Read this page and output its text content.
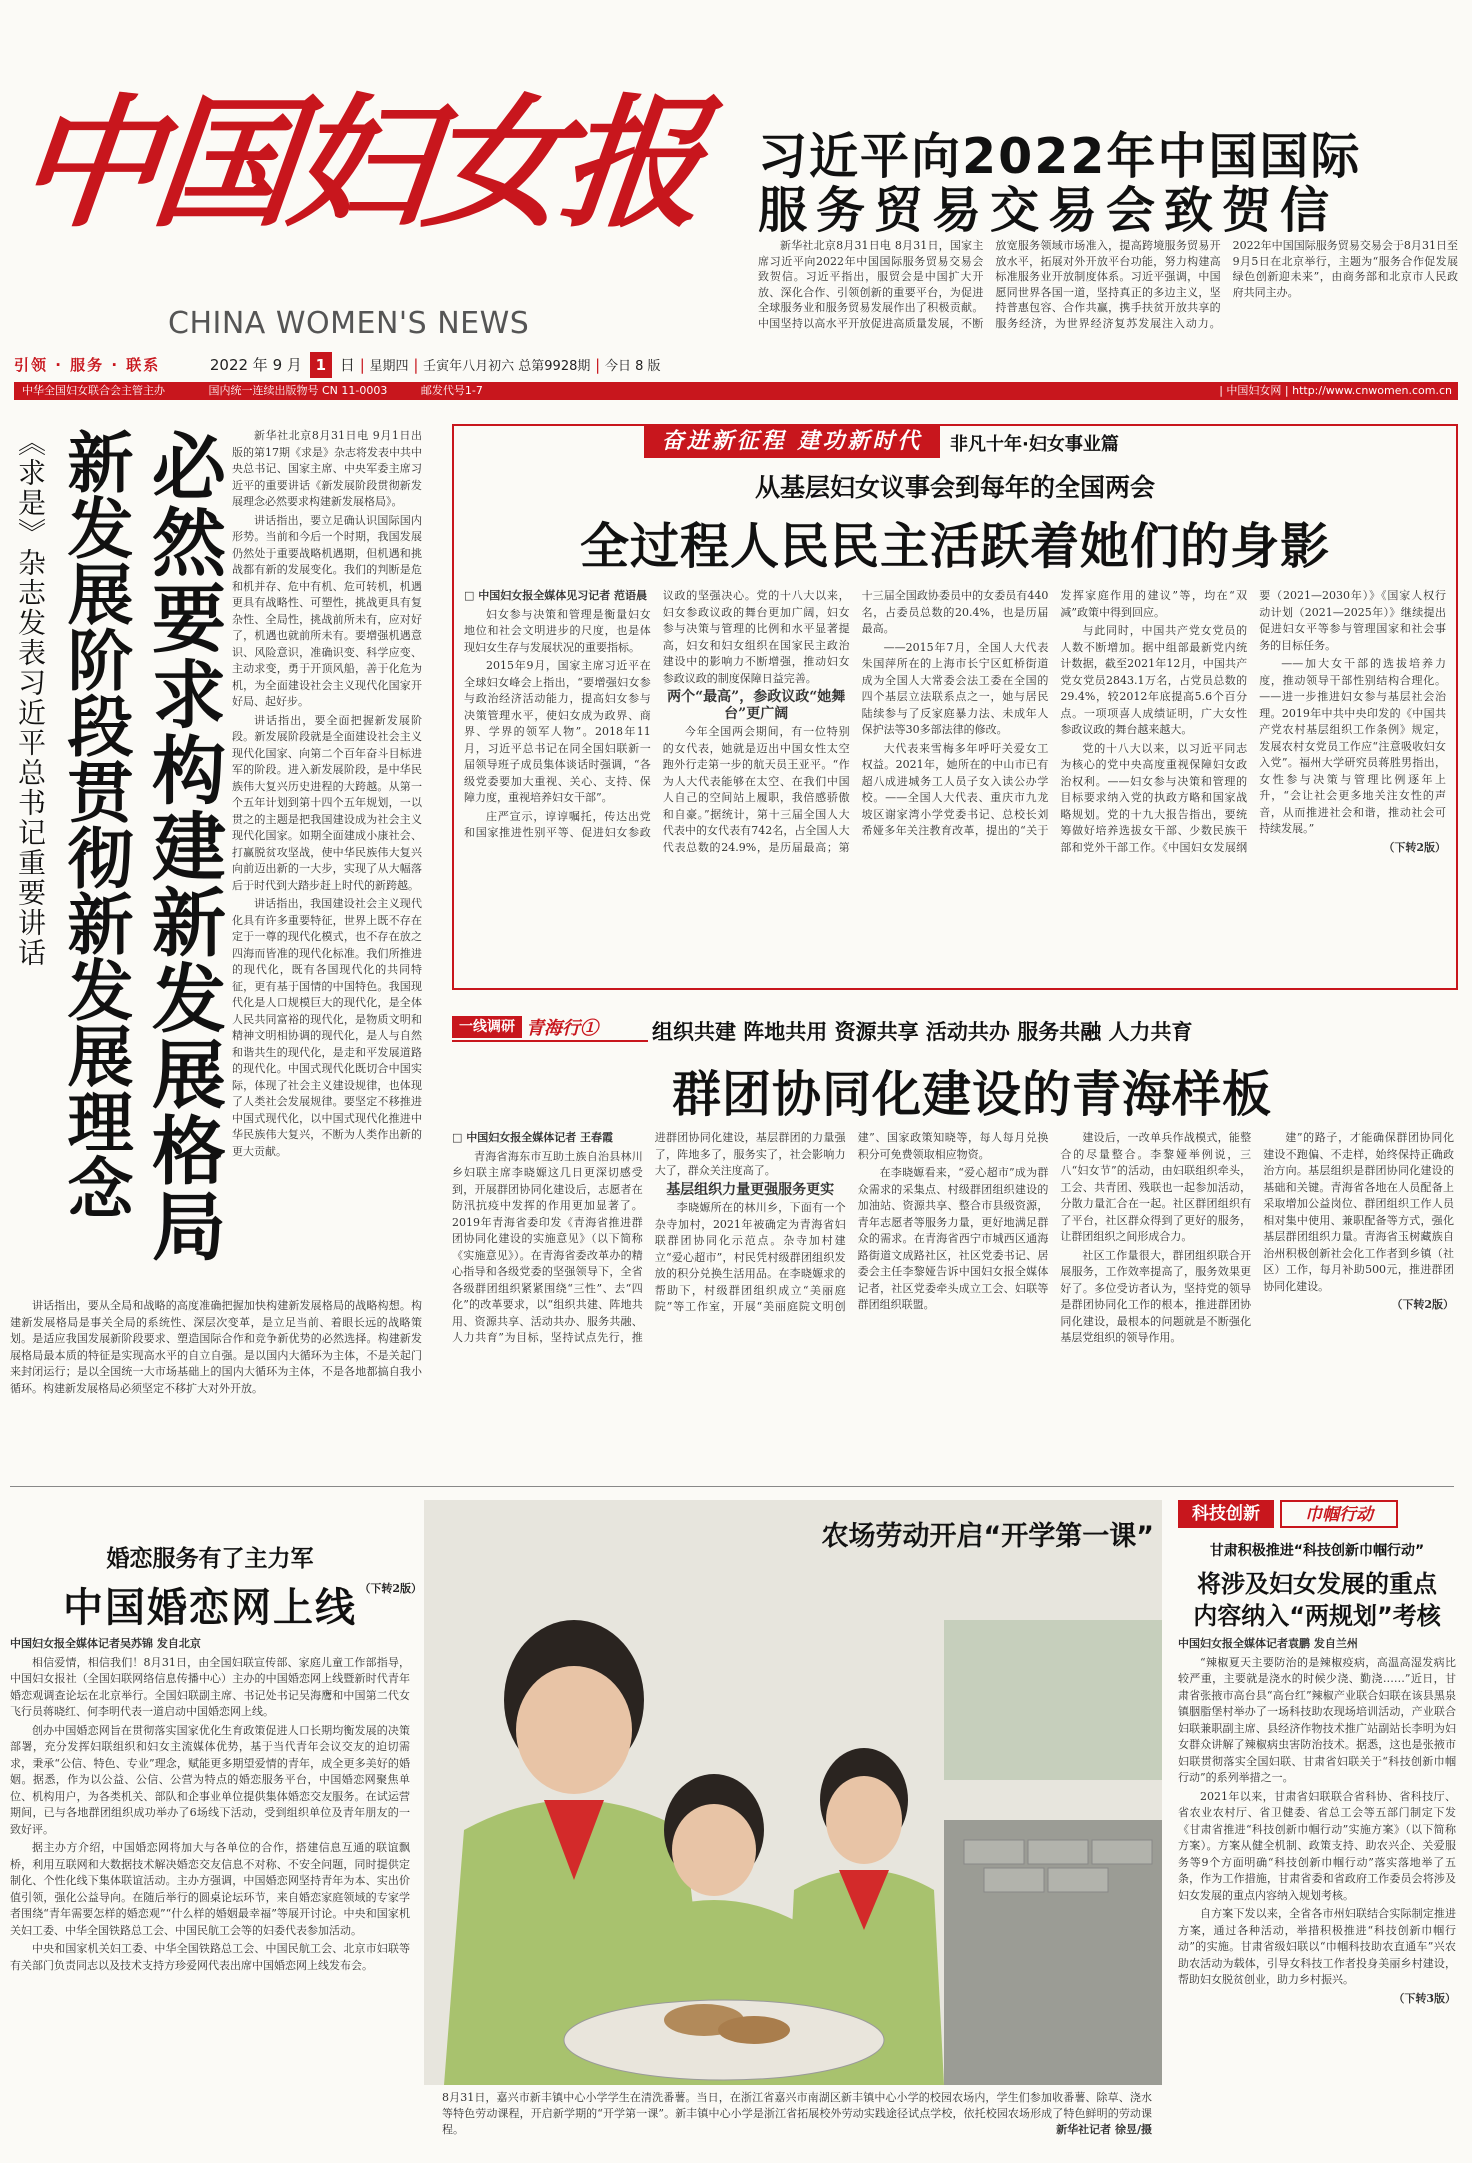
中国妇女报
CHINA WOMEN'S NEWS
习近平向2022年中国国际
服务贸易交易会致贺信

新华社北京8月31日电 8月31日，国家主席习近平向2022年中国国际服务贸易交易会致贺信。习近平指出，服贸会是中国扩大开放、深化合作、引领创新的重要平台，为促进全球服务业和服务贸易发展作出了积极贡献。中国坚持以高水平开放促进高质量发展，不断放宽服务领域市场准入，提高跨境服务贸易开放水平，拓展对外开放平台功能，努力构建高标准服务业开放制度体系。习近平强调，中国愿同世界各国一道，坚持真正的多边主义，坚持普惠包容、合作共赢，携手扶贫开放共享的服务经济，为世界经济复苏发展注入动力。2022年中国国际服务贸易交易会于8月31日至9月5日在北京举行，主题为“服务合作促发展 绿色创新迎未来”，由商务部和北京市人民政府共同主办。

引领 · 服务 · 联系	2022 年 9 月 1 日 | 星期四 | 壬寅年八月初六 总第9928期 | 今日 8 版
中华全国妇女联合会主管主办	国内统一连续出版物号 CN 11-0003	邮发代号1-7	| 中国妇女网 | http://www.cnwomen.com.cn
《求是》杂志发表习近平总书记重要讲话 新发展阶段贯彻新发展理念 必然要求构建新发展格局	新华社北京8月31日电 9月1日出版的第17期《求是》杂志将发表中共中央总书记、国家主席、中央军委主席习近平的重要讲话《新发展阶段贯彻新发展理念必然要求构建新发展格局》。

讲话指出，要立足确认识国际国内形势。当前和今后一个时期，我国发展仍然处于重要战略机遇期，但机遇和挑战都有新的发展变化。我们的判断是危和机并存、危中有机、危可转机，机遇更具有战略性、可塑性，挑战更具有复杂性、全局性，挑战前所未有，应对好了，机遇也就前所未有。要增强机遇意识、风险意识，准确识变、科学应变、主动求变，勇于开顶风船，善于化危为机，为全面建设社会主义现代化国家开好局、起好步。

讲话指出，要全面把握新发展阶段。新发展阶段就是全面建设社会主义现代化国家、向第二个百年奋斗目标进军的阶段。进入新发展阶段，是中华民族伟大复兴历史进程的大跨越。从第一个五年计划到第十四个五年规划，一以贯之的主题是把我国建设成为社会主义现代化国家。如期全面建成小康社会、打赢脱贫攻坚战，使中华民族伟大复兴向前迈出新的一大步，实现了从大幅落后于时代到大踏步赶上时代的新跨越。

讲话指出，我国建设社会主义现代化具有许多重要特征，世界上既不存在定于一尊的现代化模式，也不存在放之四海而皆准的现代化标准。我们所推进的现代化，既有各国现代化的共同特征，更有基于国情的中国特色。我国现代化是人口规模巨大的现代化，是全体人民共同富裕的现代化，是物质文明和精神文明相协调的现代化，是人与自然和谐共生的现代化，是走和平发展道路的现代化。中国式现代化既切合中国实际，体现了社会主义建设规律，也体现了人类社会发展规律。要坚定不移推进中国式现代化，以中国式现代化推进中华民族伟大复兴，不断为人类作出新的更大贡献。

讲话指出，要从全局和战略的高度准确把握加快构建新发展格局的战略构想。构建新发展格局是事关全局的系统性、深层次变革，是立足当前、着眼长远的战略策划。是适应我国发展新阶段要求、塑造国际合作和竞争新优势的必然选择。构建新发展格局最本质的特征是实现高水平的自立自强。是以国内大循环为主体，不是关起门来封闭运行；是以全国统一大市场基础上的国内大循环为主体，不是各地都搞自我小循环。构建新发展格局必须坚定不移扩大对外开放。

（下转2版）
奋进新征程 建功新时代	非凡十年·妇女事业篇
从基层妇女议事会到每年的全国两会
全过程人民民主活跃着她们的身影

□ 中国妇女报全媒体见习记者 范语晨

妇女参与决策和管理是衡量妇女地位和社会文明进步的尺度，也是体现妇女生存与发展状况的重要指标。

2015年9月，国家主席习近平在全球妇女峰会上指出，“要增强妇女参与政治经济活动能力，提高妇女参与决策管理水平，使妇女成为政界、商界、学界的领军人物”。2018年11月，习近平总书记在同全国妇联新一届领导班子成员集体谈话时强调，“各级党委要加大重视、关心、支持、保障力度，重视培养妇女干部”。

庄严宣示，谆谆嘱托，传达出党和国家推进性别平等、促进妇女参政议政的坚强决心。党的十八大以来，妇女参政议政的舞台更加广阔，妇女参与决策与管理的比例和水平显著提高，妇女和妇女组织在国家民主政治建设中的影响力不断增强，推动妇女参政议政的制度保障日益完善。

两个“最高”，参政议政“她舞台”更广阔

今年全国两会期间，有一位特别的女代表，她就是迈出中国女性太空跑外行走第一步的航天员王亚平。“作为人大代表能够在太空、在我们中国人自己的空间站上履职，我倍感骄傲和自豪。”据统计，第十三届全国人大代表中的女代表有742名，占全国人大代表总数的24.9%，是历届最高；第十三届全国政协委员中的女委员有440名，占委员总数的20.4%，也是历届最高。

——2015年7月，全国人大代表朱国萍所在的上海市长宁区虹桥街道成为全国人大常委会法工委在全国的四个基层立法联系点之一，她与居民陆续参与了反家庭暴力法、未成年人保护法等30多部法律的修改。

大代表来雪梅多年呼吁关爱女工权益。2021年，她所在的中山市已有超八成进城务工人员子女入读公办学校。——全国人大代表、重庆市九龙坡区谢家湾小学党委书记、总校长刘希娅多年关注教育改革，提出的“关于发挥家庭作用的建议”等，均在“双减”政策中得到回应。

与此同时，中国共产党女党员的人数不断增加。据中组部最新党内统计数据，截至2021年12月，中国共产党女党员2843.1万名，占党员总数的29.4%，较2012年底提高5.6个百分点。一项项喜人成绩证明，广大女性参政议政的舞台越来越大。

党的十八大以来，以习近平同志为核心的党中央高度重视保障妇女政治权利。——妇女参与决策和管理的目标要求纳入党的执政方略和国家战略规划。党的十九大报告指出，要统筹做好培养选拔女干部、少数民族干部和党外干部工作。《中国妇女发展纲要（2021—2030年）》《国家人权行动计划（2021—2025年）》继续提出促进妇女平等参与管理国家和社会事务的目标任务。

——加大女干部的选拔培养力度，推动领导干部性别结构合理化。——进一步推进妇女参与基层社会治理。2019年中共中央印发的《中国共产党农村基层组织工作条例》规定，发展农村女党员工作应“注意吸收妇女入党”。福州大学研究员蒋胜男指出，女性参与决策与管理比例逐年上升，“会让社会更多地关注女性的声音，从而推进社会和谐，推动社会可持续发展。”

（下转2版）

一线调研 青海行①	组织共建 阵地共用 资源共享 活动共办 服务共融 人力共育
群团协同化建设的青海样板

□ 中国妇女报全媒体记者 王春霞

青海省海东市互助土族自治县林川乡妇联主席李晓嫄这几日更深切感受到，开展群团协同化建设后，志愿者在防汛抗疫中发挥的作用更加显著了。2019年青海省委印发《青海省推进群团协同化建设的实施意见》（以下简称《实施意见》）。在青海省委改革办的精心指导和各级党委的坚强领导下，全省各级群团组织紧紧围绕“三性”、去“四化”的改革要求，以“组织共建、阵地共用、资源共享、活动共办、服务共融、人力共育”为目标，坚持试点先行，推进群团协同化建设，基层群团的力量强了，阵地多了，服务实了，社会影响力大了，群众关注度高了。

基层组织力量更强服务更实

李晓嫄所在的林川乡，下面有一个杂寺加村，2021年被确定为青海省妇联群团协同化示范点。杂寺加村建立“爱心超市”，村民凭村级群团组织发放的积分兑换生活用品。在李晓嫄求的帮助下，村级群团组织成立“美丽庭院”等工作室，开展“美丽庭院文明创建”、国家政策知晓等，每人每月兑换积分可免费领取相应物资。

在李晓嫄看来，“爱心超市”成为群众需求的采集点、村级群团组织建设的加油站、资源共享、整合市县级资源，青年志愿者等服务力量，更好地满足群众的需求。在青海省西宁市城西区通海路街道文成路社区，社区党委书记、居委会主任李黎娅告诉中国妇女报全媒体记者，社区党委牵头成立工会、妇联等群团组织联盟。

建设后，一改单兵作战模式，能整合的尽量整合。李黎娅举例说，三八“妇女节”的活动，由妇联组织牵头，工会、共青团、残联也一起参加活动，分散力量汇合在一起。社区群团组织有了平台，社区群众得到了更好的服务，让群团组织之间形成合力。

社区工作量很大，群团组织联合开展服务，工作效率提高了，服务效果更好了。多位受访者认为，坚持党的领导是群团协同化工作的根本，推进群团协同化建设，最根本的问题就是不断强化基层党组织的领导作用。

建”的路子，才能确保群团协同化建设不跑偏、不走样，始终保持正确政治方向。基层组织是群团协同化建设的基础和关键。青海省各地在人员配备上采取增加公益岗位、群团组织工作人员相对集中使用、兼职配备等方式，强化基层群团组织力量。青海省玉树藏族自治州积极创新社会化工作者到乡镇（社区）工作，每月补助500元，推进群团协同化建设。

（下转2版）

婚恋服务有了主力军
中国婚恋网上线

中国妇女报全媒体记者吴苏锦 发自北京

相信爱情，相信我们！8月31日，由全国妇联宣传部、家庭儿童工作部指导，中国妇女报社（全国妇联网络信息传播中心）主办的中国婚恋网上线暨新时代青年婚恋观调查论坛在北京举行。全国妇联副主席、书记处书记吴海鹰和中国第二代女飞行员蒋晓红、何李明代表一道启动中国婚恋网上线。

创办中国婚恋网旨在贯彻落实国家优化生育政策促进人口长期均衡发展的决策部署，充分发挥妇联组织和妇女主流媒体优势，基于当代青年会议交友的迫切需求，秉承“公信、特色、专业”理念，赋能更多期望爱情的青年，成全更多美好的婚姻。据悉，作为以公益、公信、公营为特点的婚恋服务平台，中国婚恋网聚焦单位、机构用户，为各类机关、部队和企事业单位提供集体婚恋交友服务。在试运营期间，已与各地群团组织成功举办了6场线下活动，受到组织单位及青年朋友的一致好评。

据主办方介绍，中国婚恋网将加大与各单位的合作，搭建信息互通的联谊飘桥，利用互联网和大数据技术解决婚恋交友信息不对称、不安全问题，同时提供定制化、个性化线下集体联谊活动。主办方强调，中国婚恋网坚持青年为本、实出价值引领，强化公益导向。在随后举行的圆桌论坛环节，来自婚恋家庭领域的专家学者围绕“青年需要怎样的婚恋观”“什么样的婚姻最幸福”等展开讨论。中央和国家机关妇工委、中华全国铁路总工会、中国民航工会等的妇委代表参加活动。

中央和国家机关妇工委、中华全国铁路总工会、中国民航工会、北京市妇联等有关部门负责同志以及技术支持方珍爱网代表出席中国婚恋网上线发布会。

农场劳动开启“开学第一课”
8月31日，嘉兴市新丰镇中心小学学生在清洗番薯。当日，在浙江省嘉兴市南湖区新丰镇中心小学的校园农场内，学生们参加收番薯、除草、浇水等特色劳动课程，开启新学期的“开学第一课”。新丰镇中心小学是浙江省拓展校外劳动实践途径试点学校，依托校园农场形成了特色鲜明的劳动课程。	新华社记者 徐昱/摄
科技创新	巾帼行动
甘肃积极推进“科技创新巾帼行动”
将涉及妇女发展的重点
内容纳入“两规划”考核

中国妇女报全媒体记者袁鹏 发自兰州

“辣椒夏天主要防治的是辣椒疫病，高温高湿发病比较严重，主要就是浇水的时候少浇、勤浇……”近日，甘肃省张掖市高台县“高台红”辣椒产业联合妇联在该县黑泉镇胭脂堡村举办了一场科技助农现场培训活动，产业联合妇联兼职副主席、县经济作物技术推广站副站长李明为妇女群众讲解了辣椒病虫害防治技术。据悉，这也是张掖市妇联贯彻落实全国妇联、甘肃省妇联关于“科技创新巾帼行动”的系列举措之一。

2021年以来，甘肃省妇联联合省科协、省科技厅、省农业农村厅、省卫健委、省总工会等五部门制定下发《甘肃省推进“科技创新巾帼行动”实施方案》（以下简称方案）。方案从健全机制、政策支持、助农兴企、关爱服务等9个方面明确“科技创新巾帼行动”落实落地举了五条，作为工作措施，甘肃省委和省政府工作委员会将涉及妇女发展的重点内容纳入规划考核。

自方案下发以来，全省各市州妇联结合实际制定推进方案，通过各种活动，举措积极推进“科技创新巾帼行动”的实施。甘肃省级妇联以“巾帼科技助农直通车”兴农助农活动为载体，引导女科技工作者投身美丽乡村建设，帮助妇女脱贫创业，助力乡村振兴。

（下转3版）
